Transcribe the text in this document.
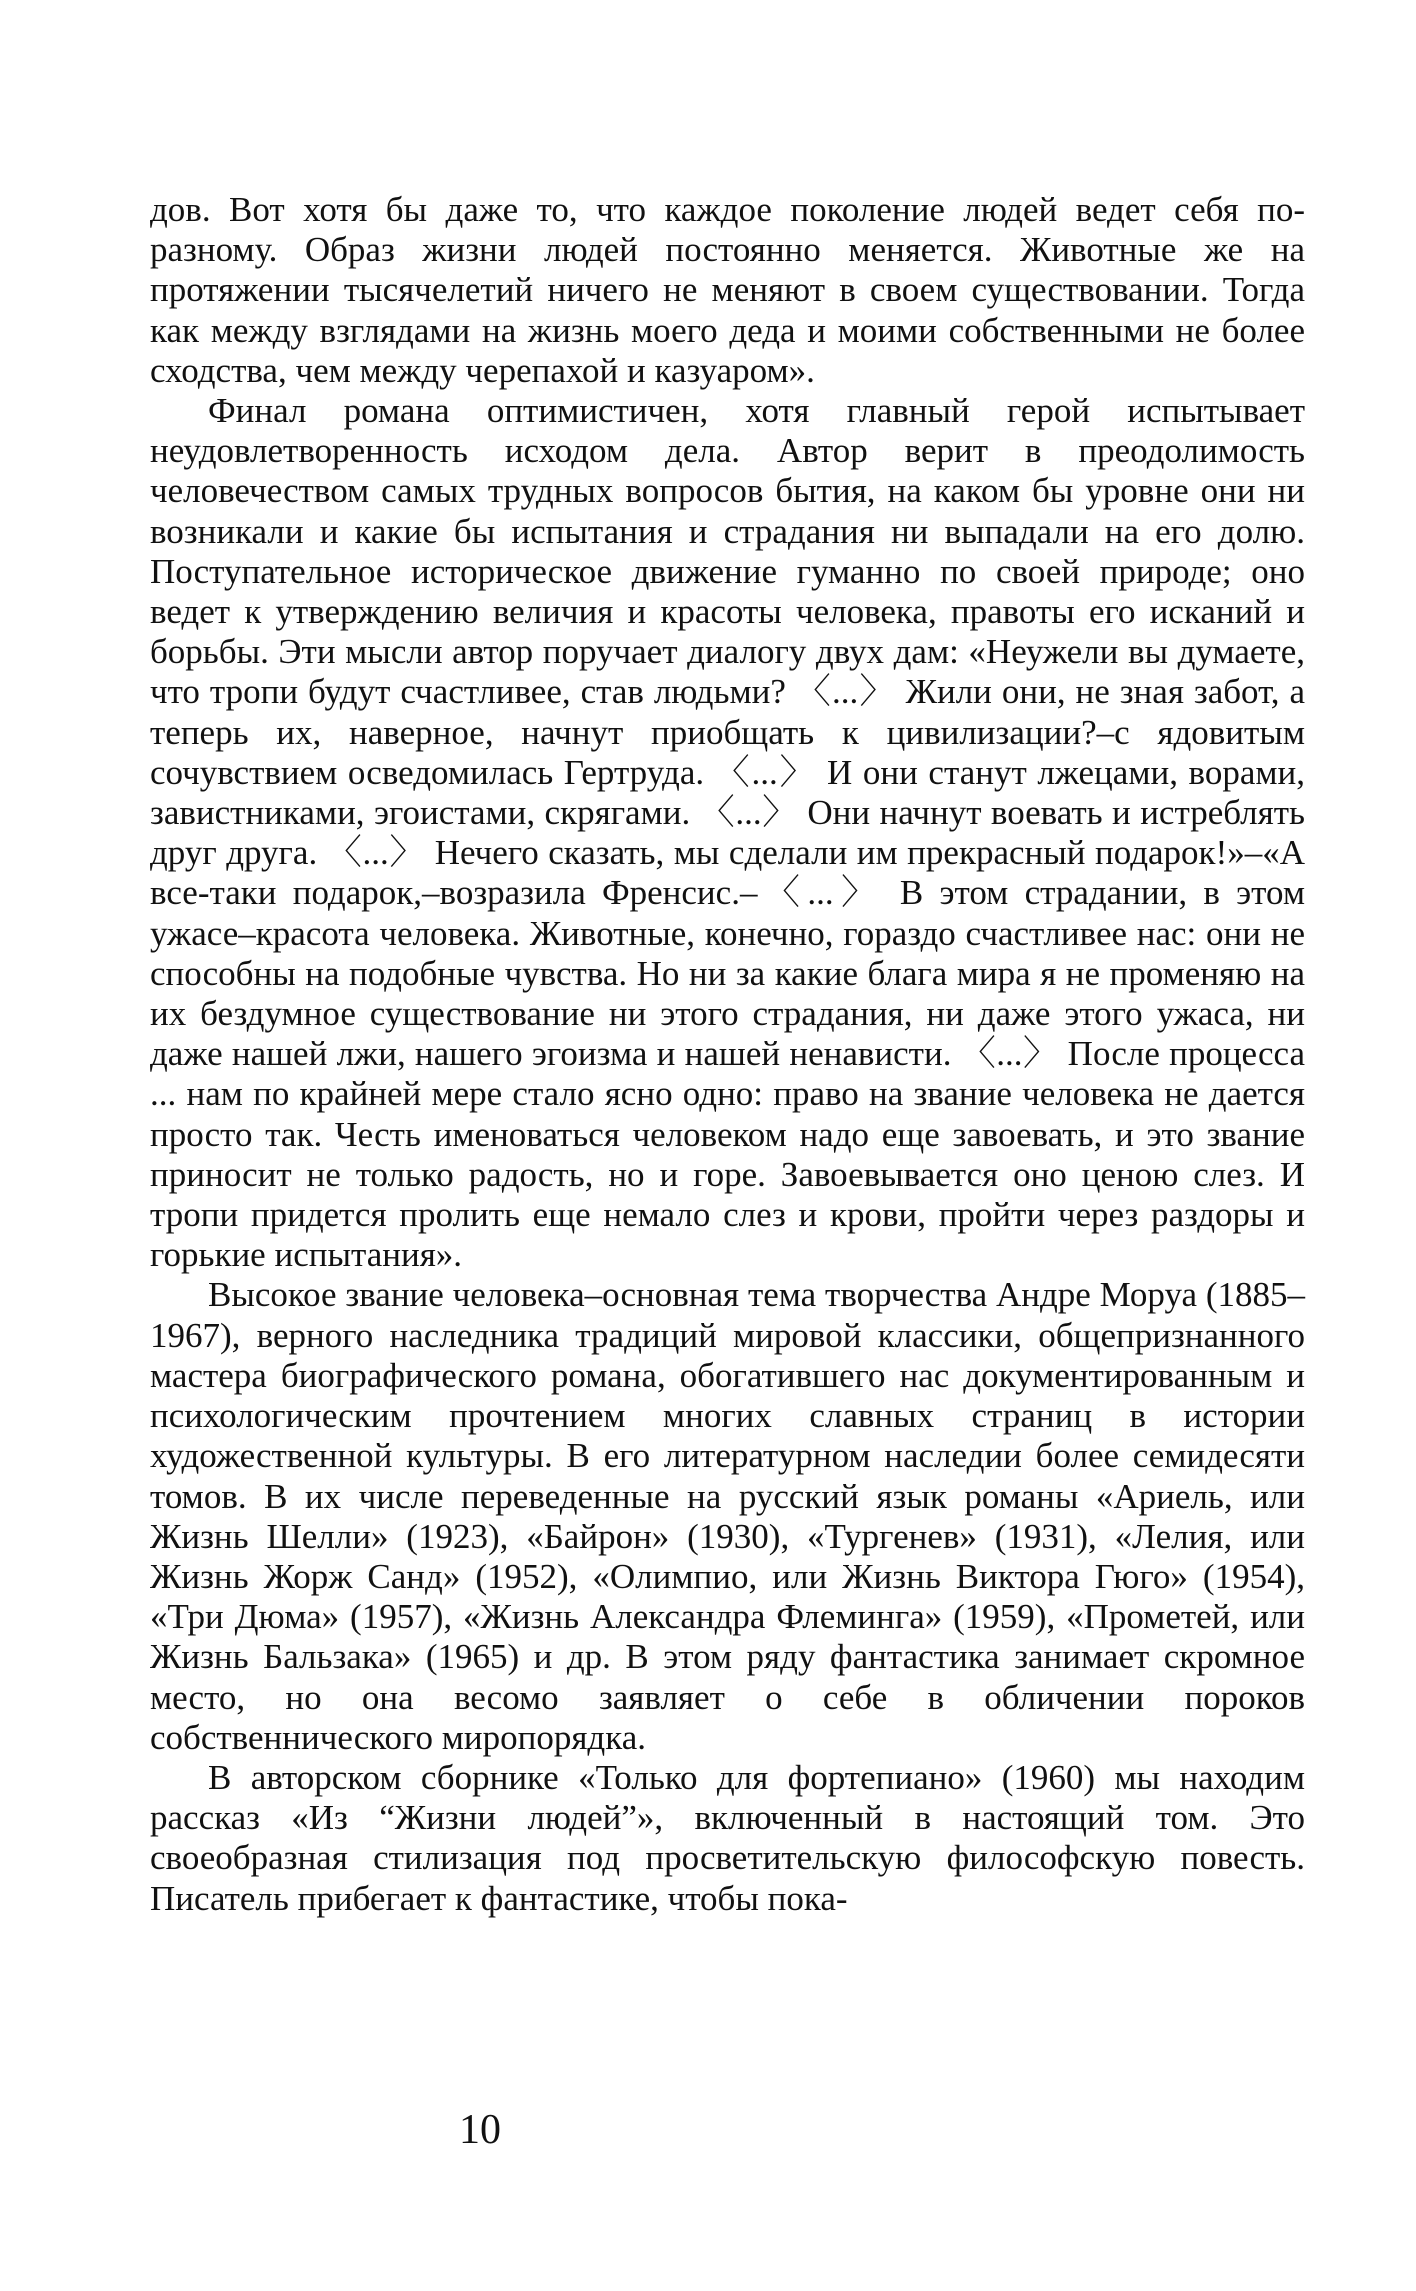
дов. Вот хотя бы даже то, что каждое поколение людей ведет себя по-разному. Образ жизни людей постоянно меняется. Животные же на протяжении тысячелетий ничего не меняют в своем существовании. Тогда как между взглядами на жизнь моего деда и моими собственными не более сходства, чем между черепахой и казуаром».

Финал романа оптимистичен, хотя главный герой испытывает неудовлетворенность исходом дела. Автор верит в преодолимость человечеством самых трудных вопросов бытия, на каком бы уровне они ни возникали и какие бы испытания и страдания ни выпадали на его долю. Поступательное историческое движение гуманно по своей природе; оно ведет к утверждению величия и красоты человека, правоты его исканий и борьбы. Эти мысли автор поручает диалогу двух дам: «Неужели вы думаете, что тропи будут счастливее, став людьми? 〈...〉 Жили они, не зная забот, а теперь их, наверное, начнут приобщать к цивилизации?–с ядовитым сочувствием осведомилась Гертруда. 〈...〉 И они станут лжецами, ворами, завистниками, эгоистами, скрягами. 〈...〉 Они начнут воевать и истреблять друг друга. 〈...〉 Нечего сказать, мы сделали им прекрасный подарок!»–«А все-таки подарок,–возразила Френсис.–〈...〉 В этом страдании, в этом ужасе–красота человека. Животные, конечно, гораздо счастливее нас: они не способны на подобные чувства. Но ни за какие блага мира я не променяю на их бездумное существование ни этого страдания, ни даже этого ужаса, ни даже нашей лжи, нашего эгоизма и нашей ненависти. 〈...〉 После процесса ... нам по крайней мере стало ясно одно: право на звание человека не дается просто так. Честь именоваться человеком надо еще завоевать, и это звание приносит не только радость, но и горе. Завоевывается оно ценою слез. И тропи придется пролить еще немало слез и крови, пройти через раздоры и горькие испытания».

Высокое звание человека–основная тема творчества Андре Моруа (1885–1967), верного наследника традиций мировой классики, общепризнанного мастера биографического романа, обогатившего нас документированным и психологическим прочтением многих славных страниц в истории художественной культуры. В его литературном наследии более семидесяти томов. В их числе переведенные на русский язык романы «Ариель, или Жизнь Шелли» (1923), «Байрон» (1930), «Тургенев» (1931), «Лелия, или Жизнь Жорж Санд» (1952), «Олимпио, или Жизнь Виктора Гюго» (1954), «Три Дюма» (1957), «Жизнь Александра Флеминга» (1959), «Прометей, или Жизнь Бальзака» (1965) и др. В этом ряду фантастика занимает скромное место, но она весомо заявляет о себе в обличении пороков собственнического миропорядка.

В авторском сборнике «Только для фортепиано» (1960) мы находим рассказ «Из “Жизни людей”», включенный в настоящий том. Это своеобразная стилизация под просветительскую философскую повесть. Писатель прибегает к фантастике, чтобы пока-

10
